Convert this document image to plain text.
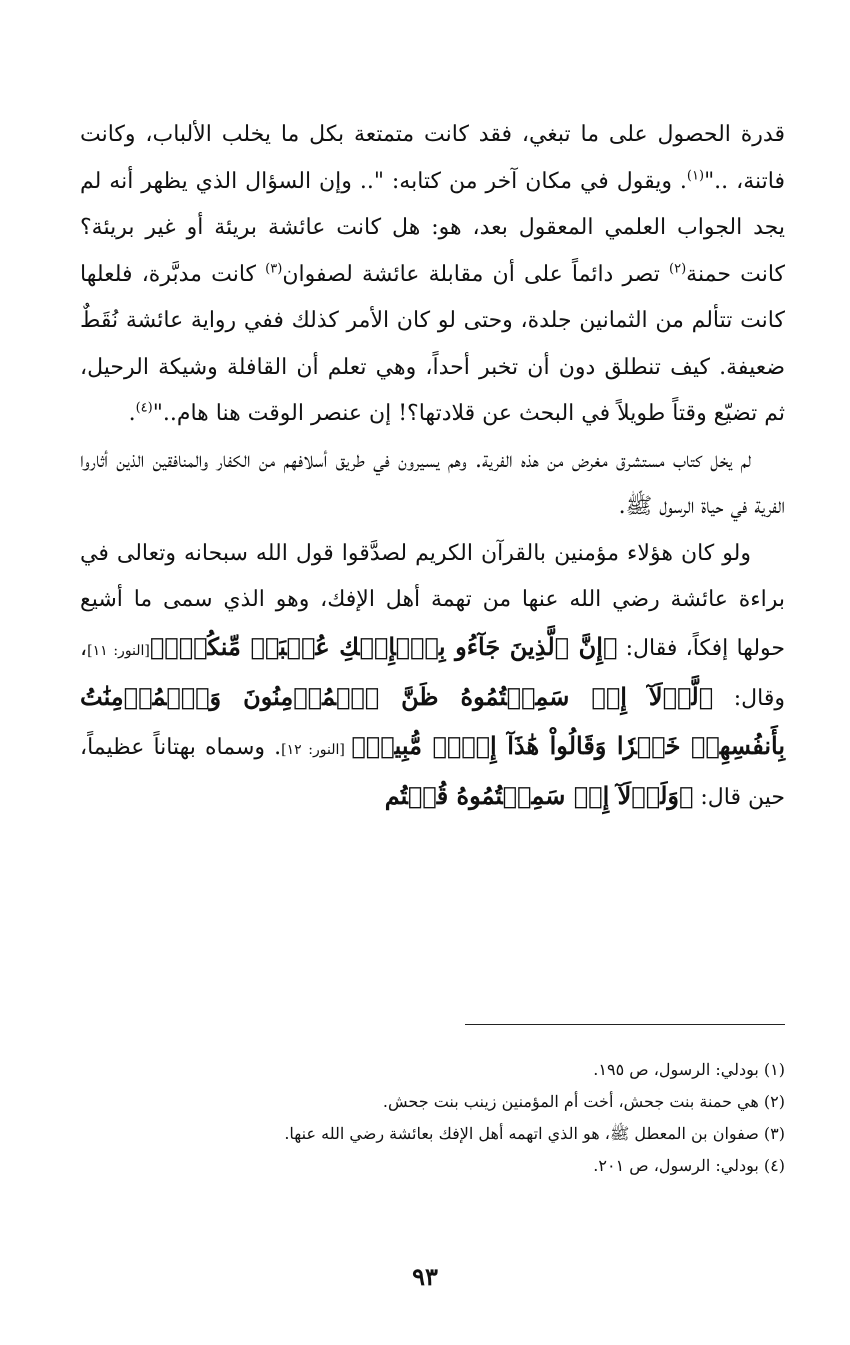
قدرة الحصول على ما تبغي، فقد كانت متمتعة بكل ما يخلب الألباب، وكانت فاتنة، .."$^{(١)}$. ويقول في مكان آخر من كتابه: ".. وإن السؤال الذي يظهر أنه لم يجد الجواب العلمي المعقول بعد، هو: هل كانت عائشة بريئة أو غير بريئة؟ كانت حمنة$^{(٢)}$ تصر دائماً على أن مقابلة عائشة لصفوان$^{(٣)}$ كانت مدبَّرة، فلعلها كانت تتألم من الثمانين جلدة، وحتى لو كان الأمر كذلك ففي رواية عائشة نُقَطٌ ضعيفة. كيف تنطلق دون أن تخبر أحداً، وهي تعلم أن القافلة وشيكة الرحيل، ثم تضيّع وقتاً طويلاً في البحث عن قلادتها؟! إن عنصر الوقت هنا هام.."$^{(٤)}$.

لم يخل كتاب مستشرق مغرض من هذه الفرية. وهم يسيرون في طريق أسلافهم من الكفار والمنافقين الذين أثاروا الفرية في حياة الرسول ﷺ.

ولو كان هؤلاء مؤمنين بالقرآن الكريم لصدَّقوا قول الله سبحانه وتعالى في براءة عائشة رضي الله عنها من تهمة أهل الإفك، وهو الذي سمى ما أشيع حولها إفكاً، فقال: ﴿إِنَّ ٱلَّذِينَ جَآءُو بِٱلۡإِفۡكِ عُصۡبَةٞ مِّنكُمۡۚ﴾[النور: ١١]، وقال: ﴿لَّوۡلَآ إِذۡ سَمِعۡتُمُوهُ ظَنَّ ٱلۡمُؤۡمِنُونَ وَٱلۡمُؤۡمِنَٰتُ بِأَنفُسِهِمۡ خَيۡرٗا وَقَالُواْ هَٰذَآ إِفۡكٞ مُّبِينٞ﴾ [النور: ١٢]. وسماه بهتاناً عظيماً، حين قال: ﴿وَلَوۡلَآ إِذۡ سَمِعۡتُمُوهُ قُلۡتُم

(١) بودلي: الرسول، ص ١٩٥.

(٢) هي حمنة بنت جحش، أخت أم المؤمنين زينب بنت جحش.

(٣) صفوان بن المعطل ﷺ، هو الذي اتهمه أهل الإفك بعائشة رضي الله عنها.

(٤) بودلي: الرسول، ص ٢٠١.

٩٣
